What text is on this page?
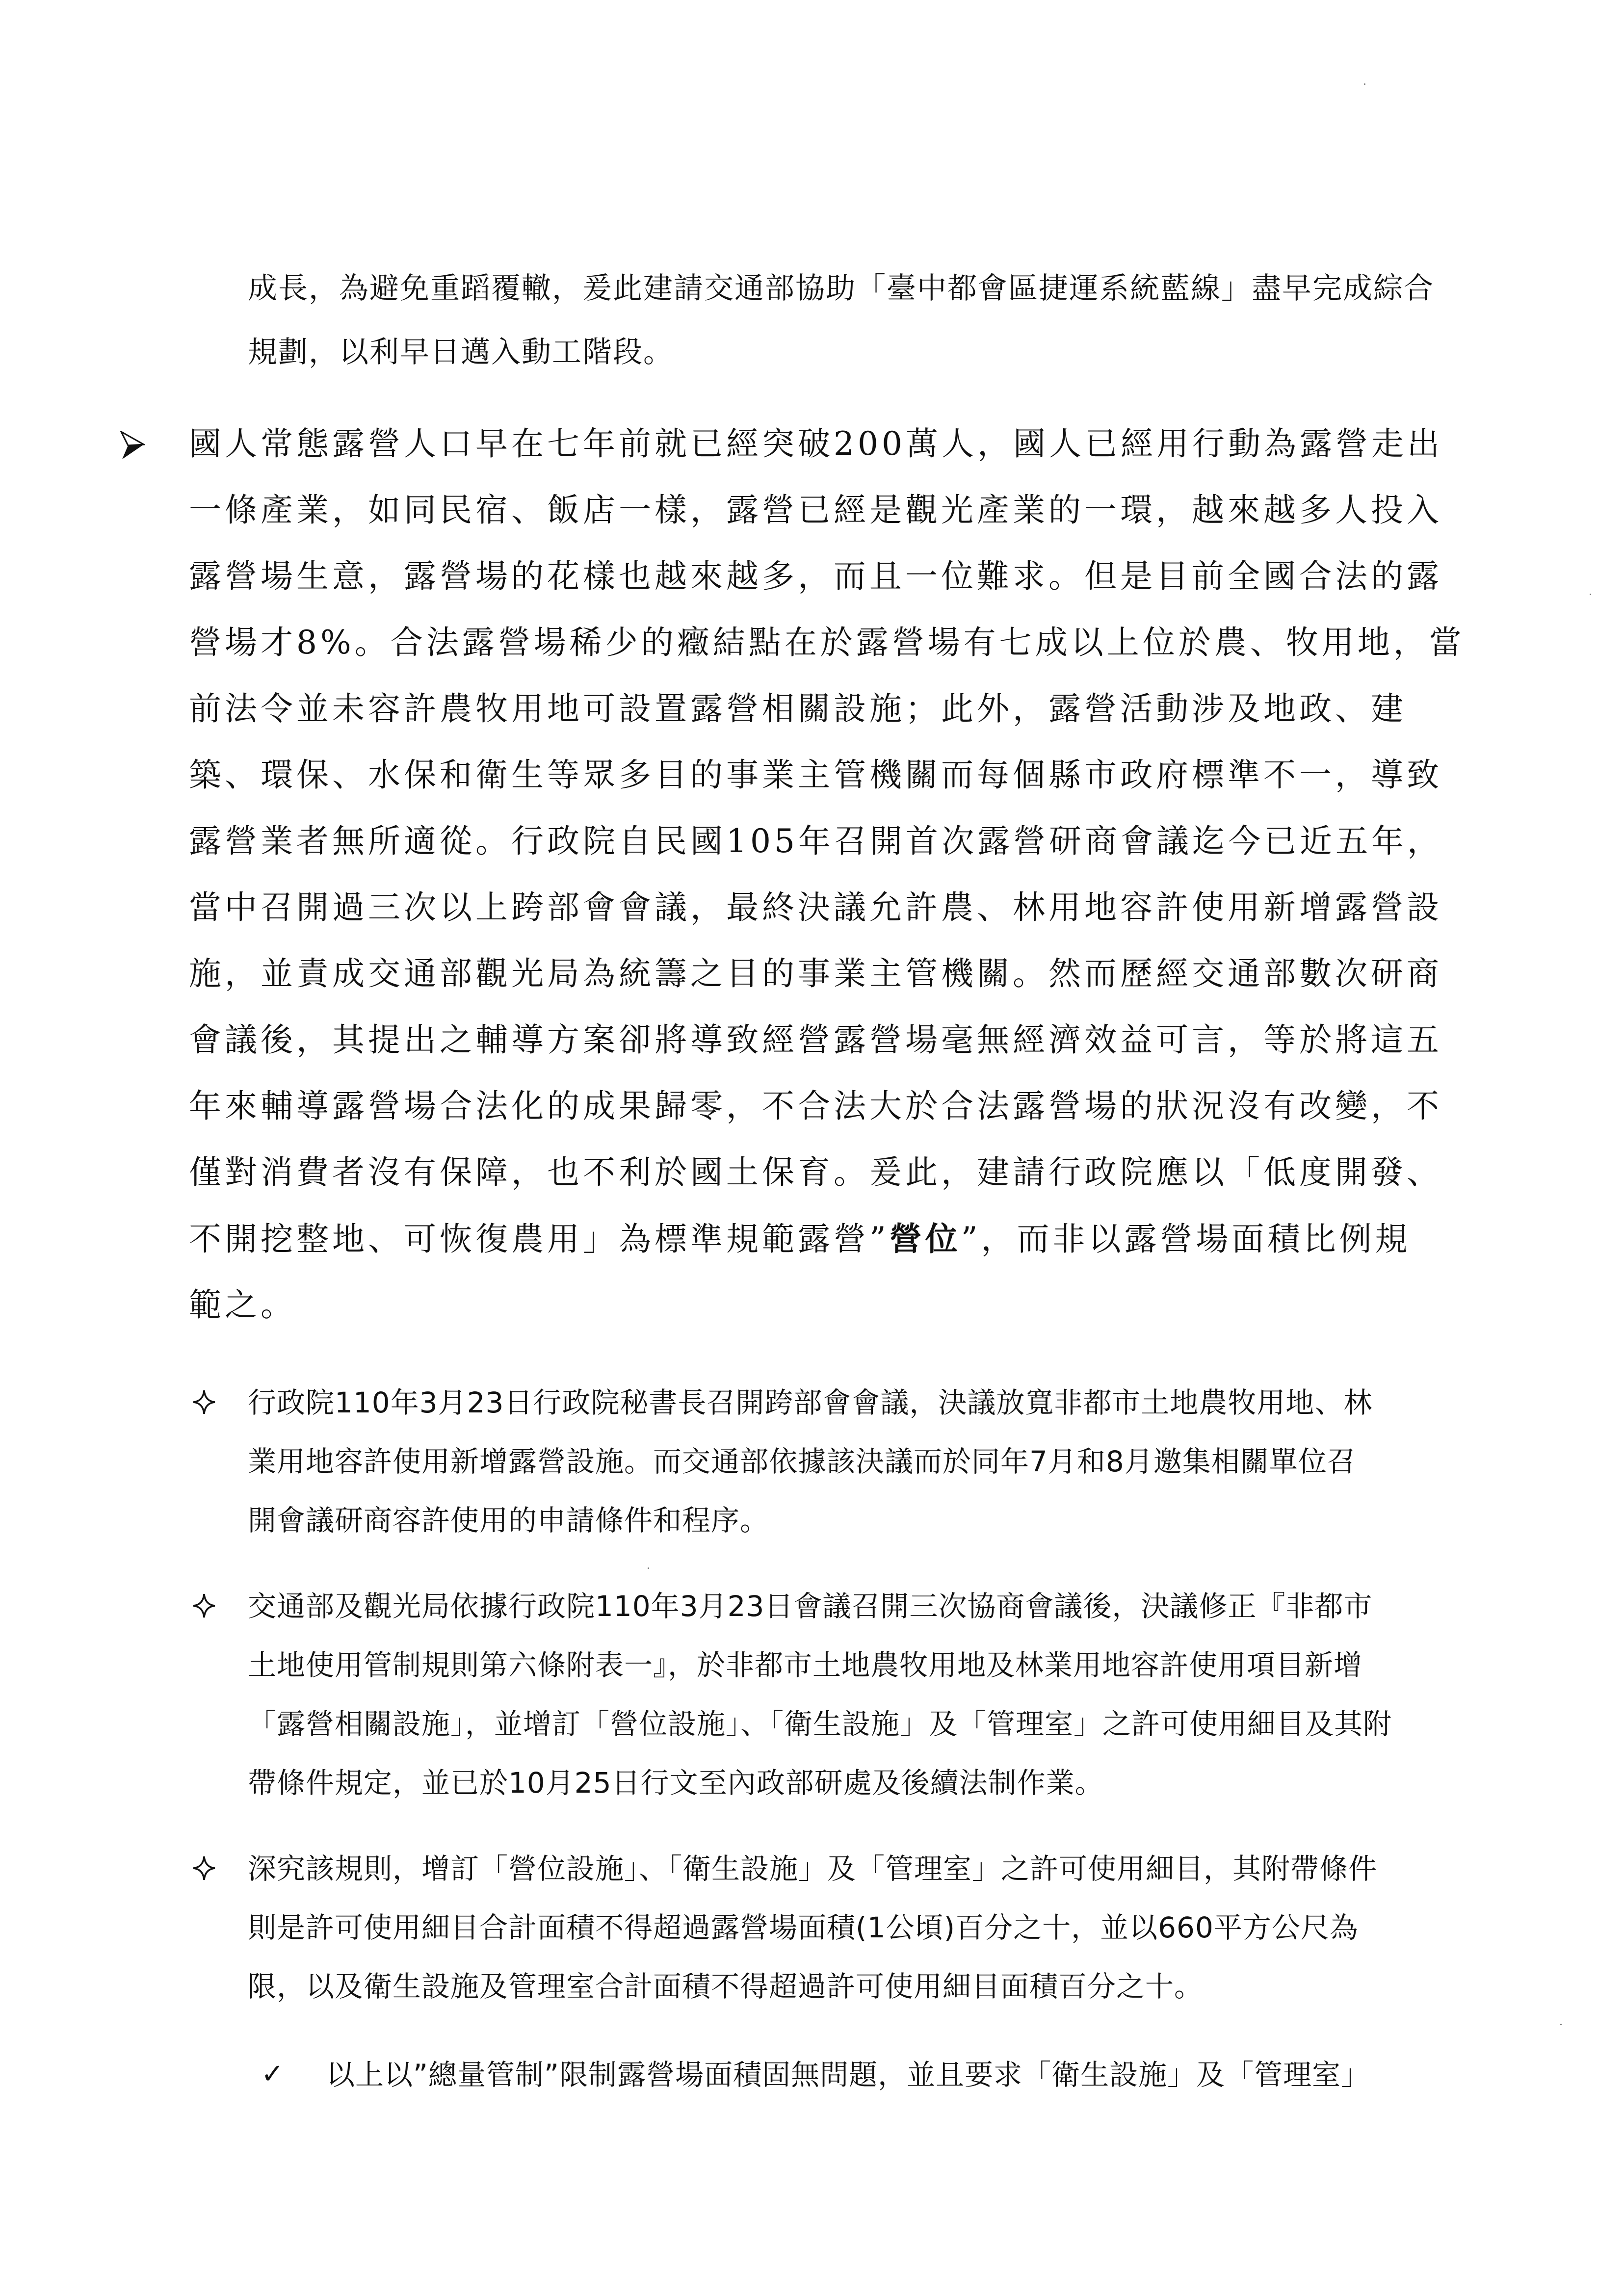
成長，為避免重蹈覆轍，爰此建請交通部協助「臺中都會區捷運系統藍線」盡早完成綜合
規劃，以利早日邁入動工階段。
國人常態露營人口早在七年前就已經突破200萬人，國人已經用行動為露營走出
一條產業，如同民宿、飯店一樣，露營已經是觀光產業的一環，越來越多人投入
露營場生意，露營場的花樣也越來越多，而且一位難求。但是目前全國合法的露
營場才8%。合法露營場稀少的癥結點在於露營場有七成以上位於農、牧用地，當
前法令並未容許農牧用地可設置露營相關設施；此外，露營活動涉及地政、建
築、環保、水保和衛生等眾多目的事業主管機關而每個縣市政府標準不一，導致
露營業者無所適從。行政院自民國105年召開首次露營研商會議迄今已近五年，
當中召開過三次以上跨部會會議，最終決議允許農、林用地容許使用新增露營設
施，並責成交通部觀光局為統籌之目的事業主管機關。然而歷經交通部數次研商
會議後，其提出之輔導方案卻將導致經營露營場毫無經濟效益可言，等於將這五
年來輔導露營場合法化的成果歸零，不合法大於合法露營場的狀況沒有改變，不
僅對消費者沒有保障，也不利於國土保育。爰此，建請行政院應以「低度開發、
不開挖整地、可恢復農用」為標準規範露營”營位”，而非以露營場面積比例規
範之。
行政院110年3月23日行政院秘書長召開跨部會會議，決議放寬非都市土地農牧用地、林
業用地容許使用新增露營設施。而交通部依據該決議而於同年7月和8月邀集相關單位召
開會議研商容許使用的申請條件和程序。
交通部及觀光局依據行政院110年3月23日會議召開三次協商會議後，決議修正『非都市
土地使用管制規則第六條附表一』，於非都市土地農牧用地及林業用地容許使用項目新增
「露營相關設施」，並增訂「營位設施」、「衛生設施」及「管理室」之許可使用細目及其附
帶條件規定，並已於10月25日行文至內政部研處及後續法制作業。
深究該規則，增訂「營位設施」、「衛生設施」及「管理室」之許可使用細目，其附帶條件
則是許可使用細目合計面積不得超過露營場面積(1公頃)百分之十，並以660平方公尺為
限，以及衛生設施及管理室合計面積不得超過許可使用細目面積百分之十。
✓ 以上以”總量管制”限制露營場面積固無問題，並且要求「衛生設施」及「管理室」
